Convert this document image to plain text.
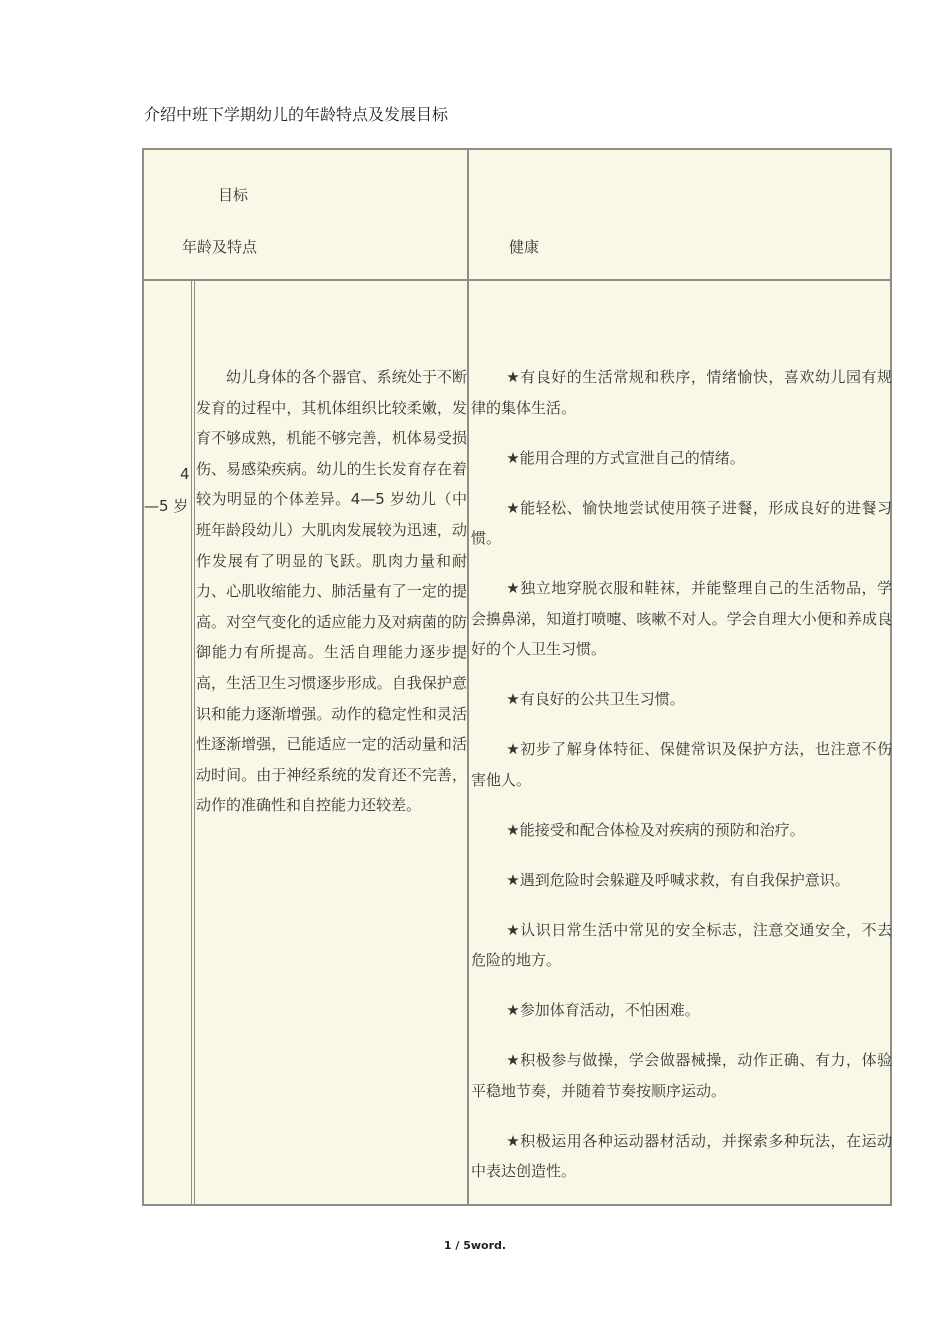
介绍中班下学期幼儿的年龄特点及发展目标
目标
年龄及特点	健康
4
—5 岁

幼儿身体的各个器官、系统处于不断发育的过程中，其机体组织比较柔嫩，发育不够成熟，机能不够完善，机体易受损伤、易感染疾病。幼儿的生长发育存在着较为明显的个体差异。4—5 岁幼儿（中班年龄段幼儿）大肌肉发展较为迅速，动作发展有了明显的飞跃。肌肉力量和耐力、心肌收缩能力、肺活量有了一定的提高。对空气变化的适应能力及对病菌的防御能力有所提高。生活自理能力逐步提高，生活卫生习惯逐步形成。自我保护意识和能力逐渐增强。动作的稳定性和灵活性逐渐增强，已能适应一定的活动量和活动时间。由于神经系统的发育还不完善，动作的准确性和自控能力还较差。

★有良好的生活常规和秩序，情绪愉快，喜欢幼儿园有规律的集体生活。

★能用合理的方式宣泄自己的情绪。

★能轻松、愉快地尝试使用筷子进餐，形成良好的进餐习惯。

★独立地穿脱衣服和鞋袜，并能整理自己的生活物品，学会擤鼻涕，知道打喷嚏、咳嗽不对人。学会自理大小便和养成良好的个人卫生习惯。

★有良好的公共卫生习惯。

★初步了解身体特征、保健常识及保护方法，也注意不伤害他人。

★能接受和配合体检及对疾病的预防和治疗。

★遇到危险时会躲避及呼喊求救，有自我保护意识。

★认识日常生活中常见的安全标志，注意交通安全，不去危险的地方。

★参加体育活动，不怕困难。

★积极参与做操，学会做器械操，动作正确、有力，体验平稳地节奏，并随着节奏按顺序运动。

★积极运用各种运动器材活动，并探索多种玩法，在运动中表达创造性。

1 / 5word.
